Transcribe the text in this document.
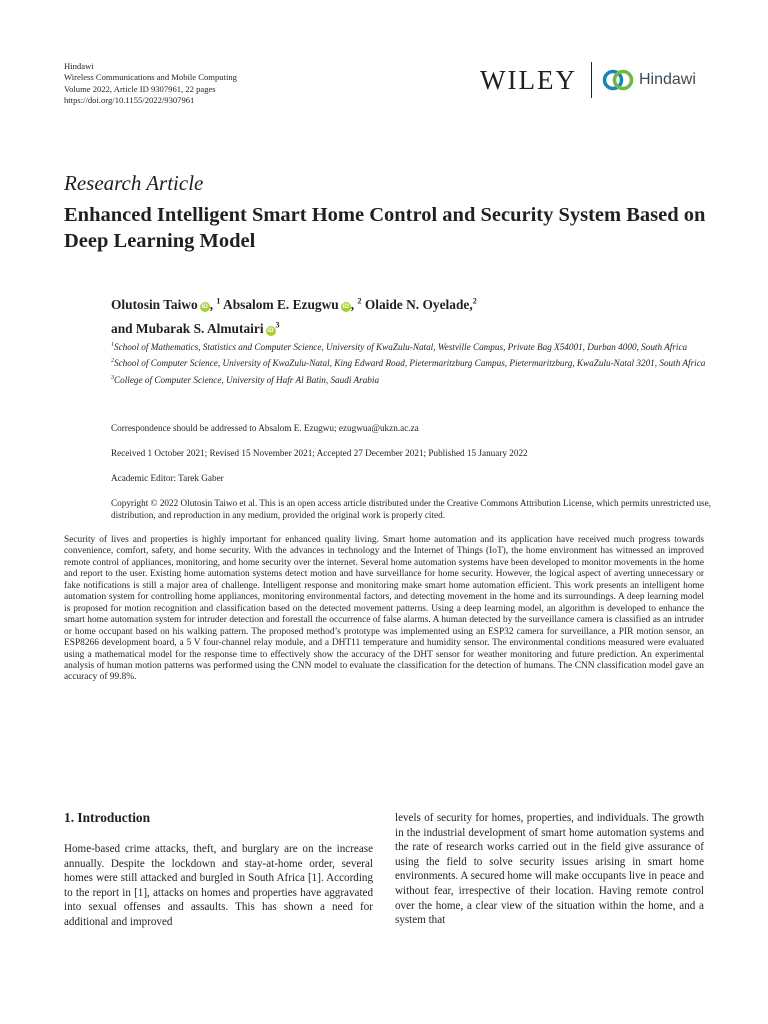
Hindawi
Wireless Communications and Mobile Computing
Volume 2022, Article ID 9307961, 22 pages
https://doi.org/10.1155/2022/9307961
WILEY	Hindawi
Research Article
Enhanced Intelligent Smart Home Control and Security System Based on Deep Learning Model
Olutosin Taiwo iD , $^1$ Absalom E. Ezugwu iD , $^2$ Olaide N. Oyelade,$^2$
and Mubarak S. Almutairi $iD^3$

$^1$School of Mathematics, Statistics and Computer Science, University of KwaZulu-Natal, Westville Campus, Private Bag X54001, Durban 4000, South Africa

$^2$School of Computer Science, University of KwaZulu-Natal, King Edward Road, Pietermaritzburg Campus, Pietermaritzburg, KwaZulu-Natal 3201, South Africa

$^3$College of Computer Science, University of Hafr Al Batin, Saudi Arabia

Correspondence should be addressed to Absalom E. Ezugwu; ezugwua@ukzn.ac.za
Received 1 October 2021; Revised 15 November 2021; Accepted 27 December 2021; Published 15 January 2022
Academic Editor: Tarek Gaber
Copyright © 2022 Olutosin Taiwo et al. This is an open access article distributed under the Creative Commons Attribution License, which permits unrestricted use, distribution, and reproduction in any medium, provided the original work is properly cited.
Security of lives and properties is highly important for enhanced quality living. Smart home automation and its application have received much progress towards convenience, comfort, safety, and home security. With the advances in technology and the Internet of Things (IoT), the home environment has witnessed an improved remote control of appliances, monitoring, and home security over the internet. Several home automation systems have been developed to monitor movements in the home and report to the user. Existing home automation systems detect motion and have surveillance for home security. However, the logical aspect of averting unnecessary or fake notifications is still a major area of challenge. Intelligent response and monitoring make smart home automation efficient. This work presents an intelligent home automation system for controlling home appliances, monitoring environmental factors, and detecting movement in the home and its surroundings. A deep learning model is proposed for motion recognition and classification based on the detected movement patterns. Using a deep learning model, an algorithm is developed to enhance the smart home automation system for intruder detection and forestall the occurrence of false alarms. A human detected by the surveillance camera is classified as an intruder or home occupant based on his walking pattern. The proposed method’s prototype was implemented using an ESP32 camera for surveillance, a PIR motion sensor, an ESP8266 development board, a 5 V four-channel relay module, and a DHT11 temperature and humidity sensor. The environmental conditions measured were evaluated using a mathematical model for the response time to effectively show the accuracy of the DHT sensor for weather monitoring and future prediction. An experimental analysis of human motion patterns was performed using the CNN model to evaluate the classification for the detection of humans. The CNN classification model gave an accuracy of 99.8%.
1. Introduction
Home-based crime attacks, theft, and burglary are on the increase annually. Despite the lockdown and stay-at-home order, several homes were still attacked and burgled in South Africa [1]. According to the report in [1], attacks on homes and properties have aggravated into sexual offenses and assaults. This has shown a need for additional and improved
levels of security for homes, properties, and individuals. The growth in the industrial development of smart home automation systems and the rate of research works carried out in the field give assurance of using the field to solve security issues arising in smart home environments. A secured home will make occupants live in peace and without fear, irrespective of their location. Having remote control over the home, a clear view of the situation within the home, and a system that
